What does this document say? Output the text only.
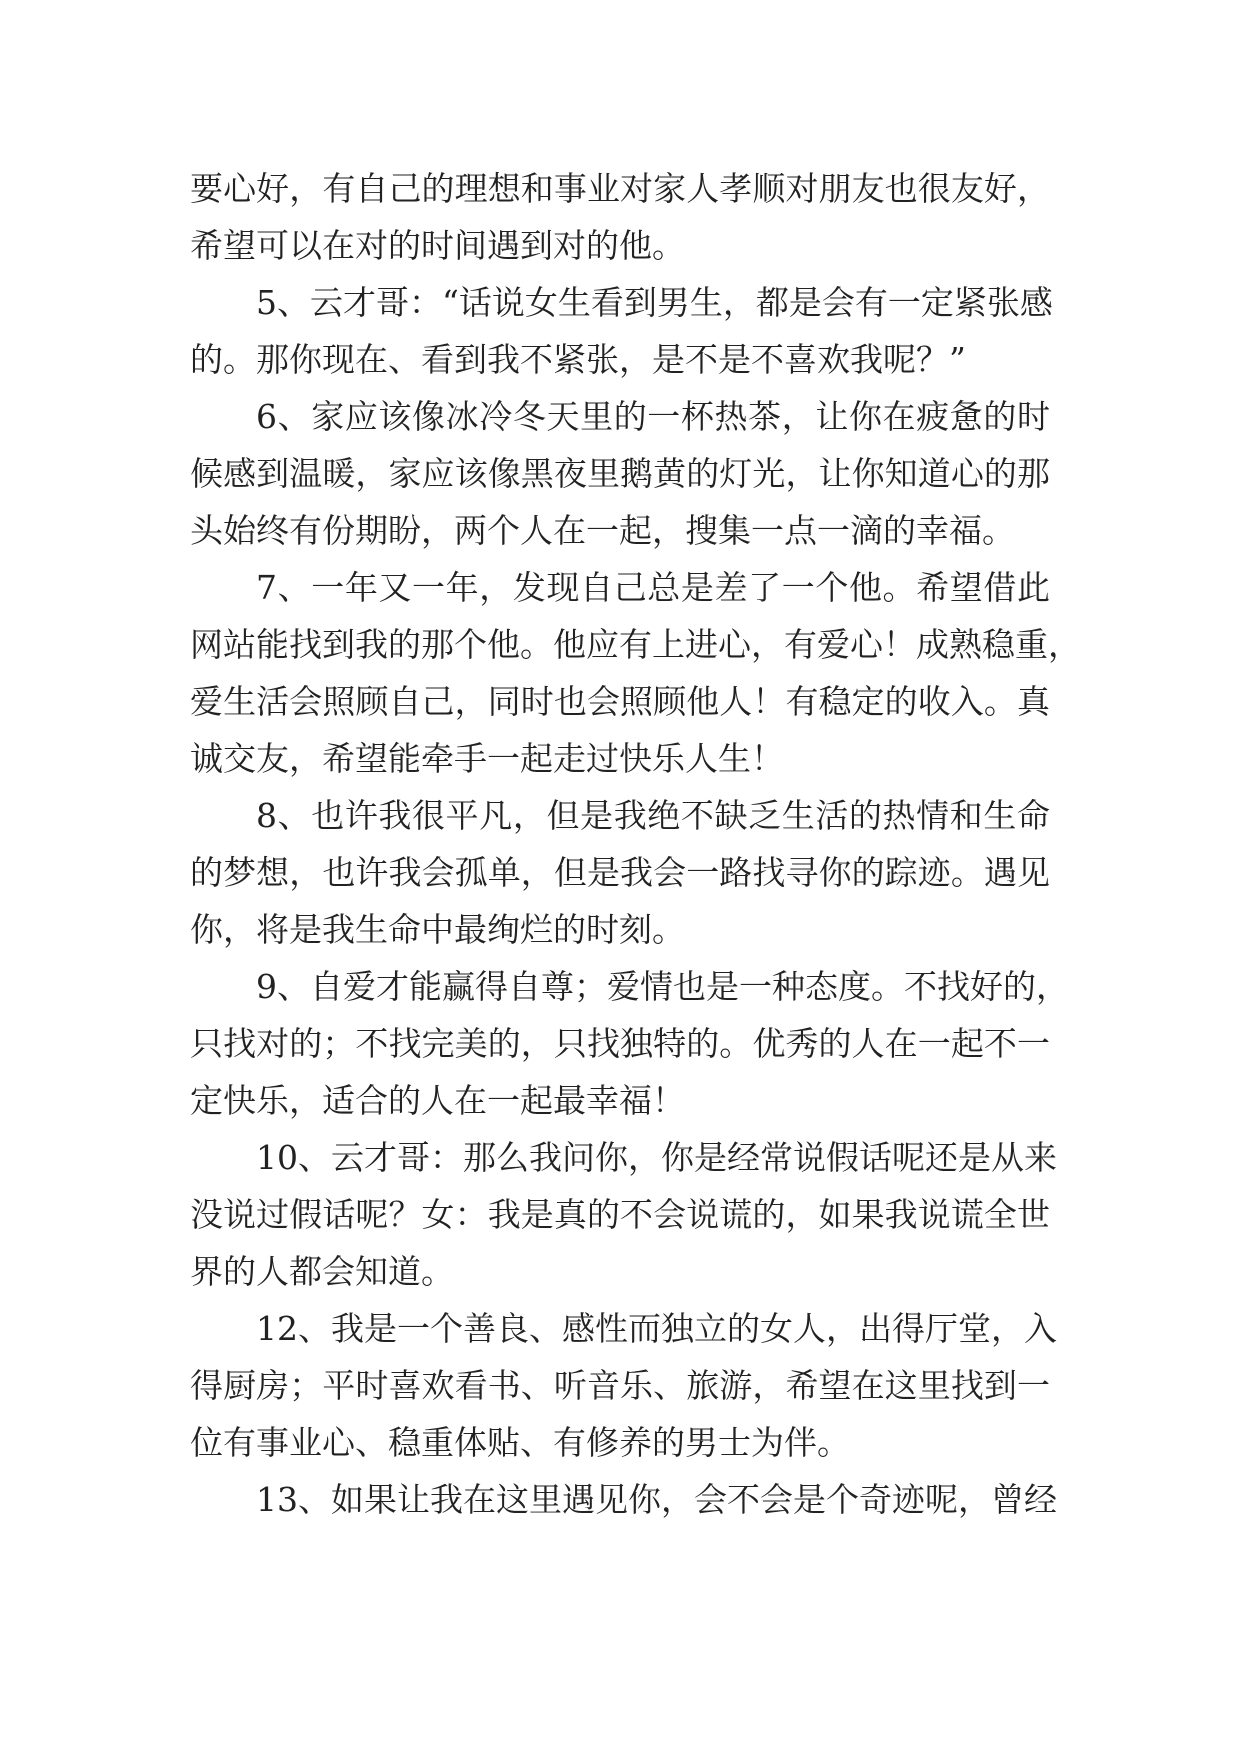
要心好，有自己的理想和事业对家人孝顺对朋友也很友好，
希望可以在对的时间遇到对的他。
5、云才哥：“话说女生看到男生，都是会有一定紧张感
的。那你现在、看到我不紧张，是不是不喜欢我呢？”
6、家应该像冰冷冬天里的一杯热茶，让你在疲惫的时
候感到温暖，家应该像黑夜里鹅黄的灯光，让你知道心的那
头始终有份期盼，两个人在一起，搜集一点一滴的幸福。
7、一年又一年，发现自己总是差了一个他。希望借此
网站能找到我的那个他。他应有上进心，有爱心！成熟稳重，
爱生活会照顾自己，同时也会照顾他人！有稳定的收入。真
诚交友，希望能牵手一起走过快乐人生！
8、也许我很平凡，但是我绝不缺乏生活的热情和生命
的梦想，也许我会孤单，但是我会一路找寻你的踪迹。遇见
你，将是我生命中最绚烂的时刻。
9、自爱才能赢得自尊；爱情也是一种态度。不找好的，
只找对的；不找完美的，只找独特的。优秀的人在一起不一
定快乐，适合的人在一起最幸福！
10、云才哥：那么我问你，你是经常说假话呢还是从来
没说过假话呢？女：我是真的不会说谎的，如果我说谎全世
界的人都会知道。
12、我是一个善良、感性而独立的女人，出得厅堂，入
得厨房；平时喜欢看书、听音乐、旅游，希望在这里找到一
位有事业心、稳重体贴、有修养的男士为伴。
13、如果让我在这里遇见你，会不会是个奇迹呢，曾经
